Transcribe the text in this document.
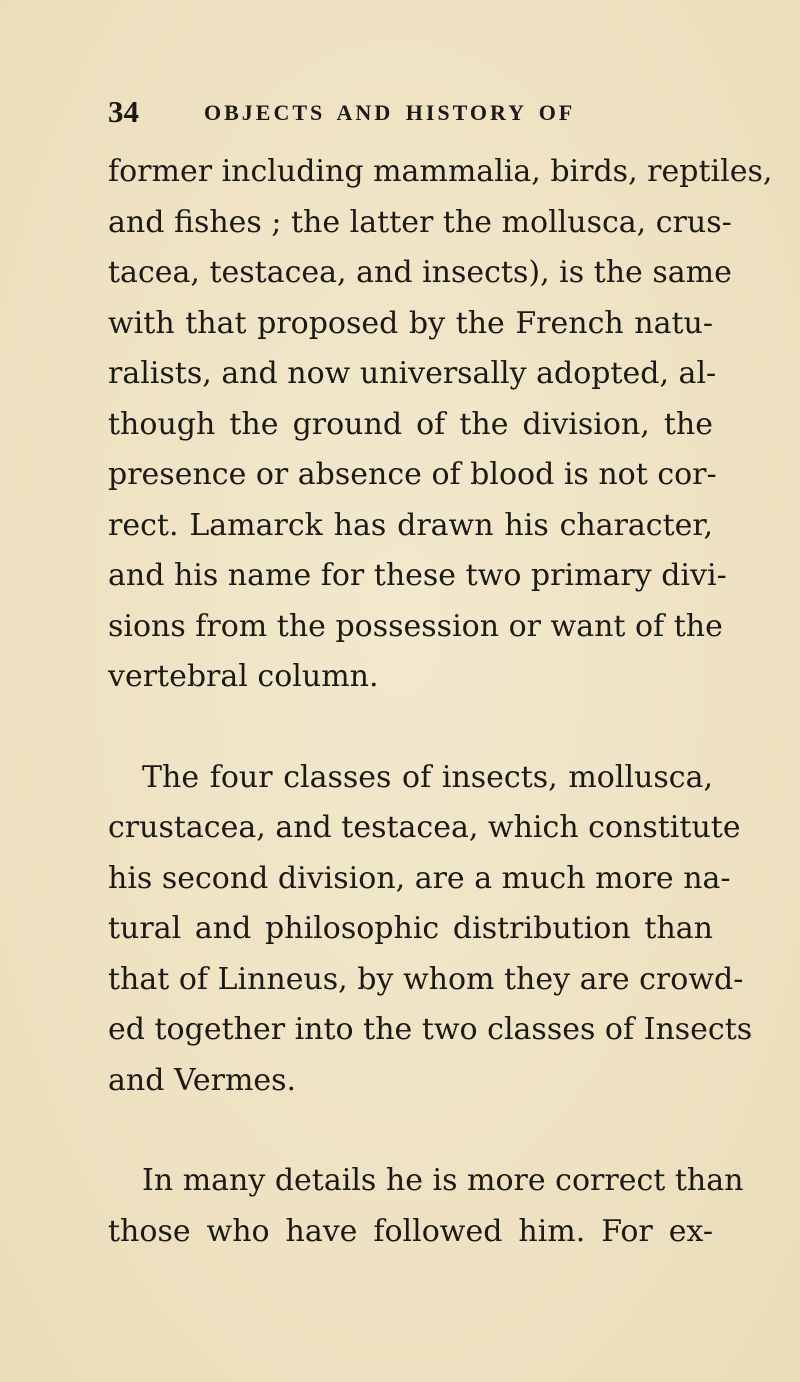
34	OBJECTS AND HISTORY OF
former including mammalia, birds, reptiles,
and fishes ; the latter the mollusca, crus-
tacea, testacea, and insects), is the same
with that proposed by the French natu-
ralists, and now universally adopted, al-
though the ground of the division, the
presence or absence of blood is not cor-
rect. Lamarck has drawn his character,
and his name for these two primary divi-
sions from the possession or want of the
vertebral column.
The four classes of insects, mollusca,
crustacea, and testacea, which constitute
his second division, are a much more na-
tural and philosophic distribution than
that of Linneus, by whom they are crowd-
ed together into the two classes of Insects
and Vermes.
In many details he is more correct than
those who have followed him. For ex-
